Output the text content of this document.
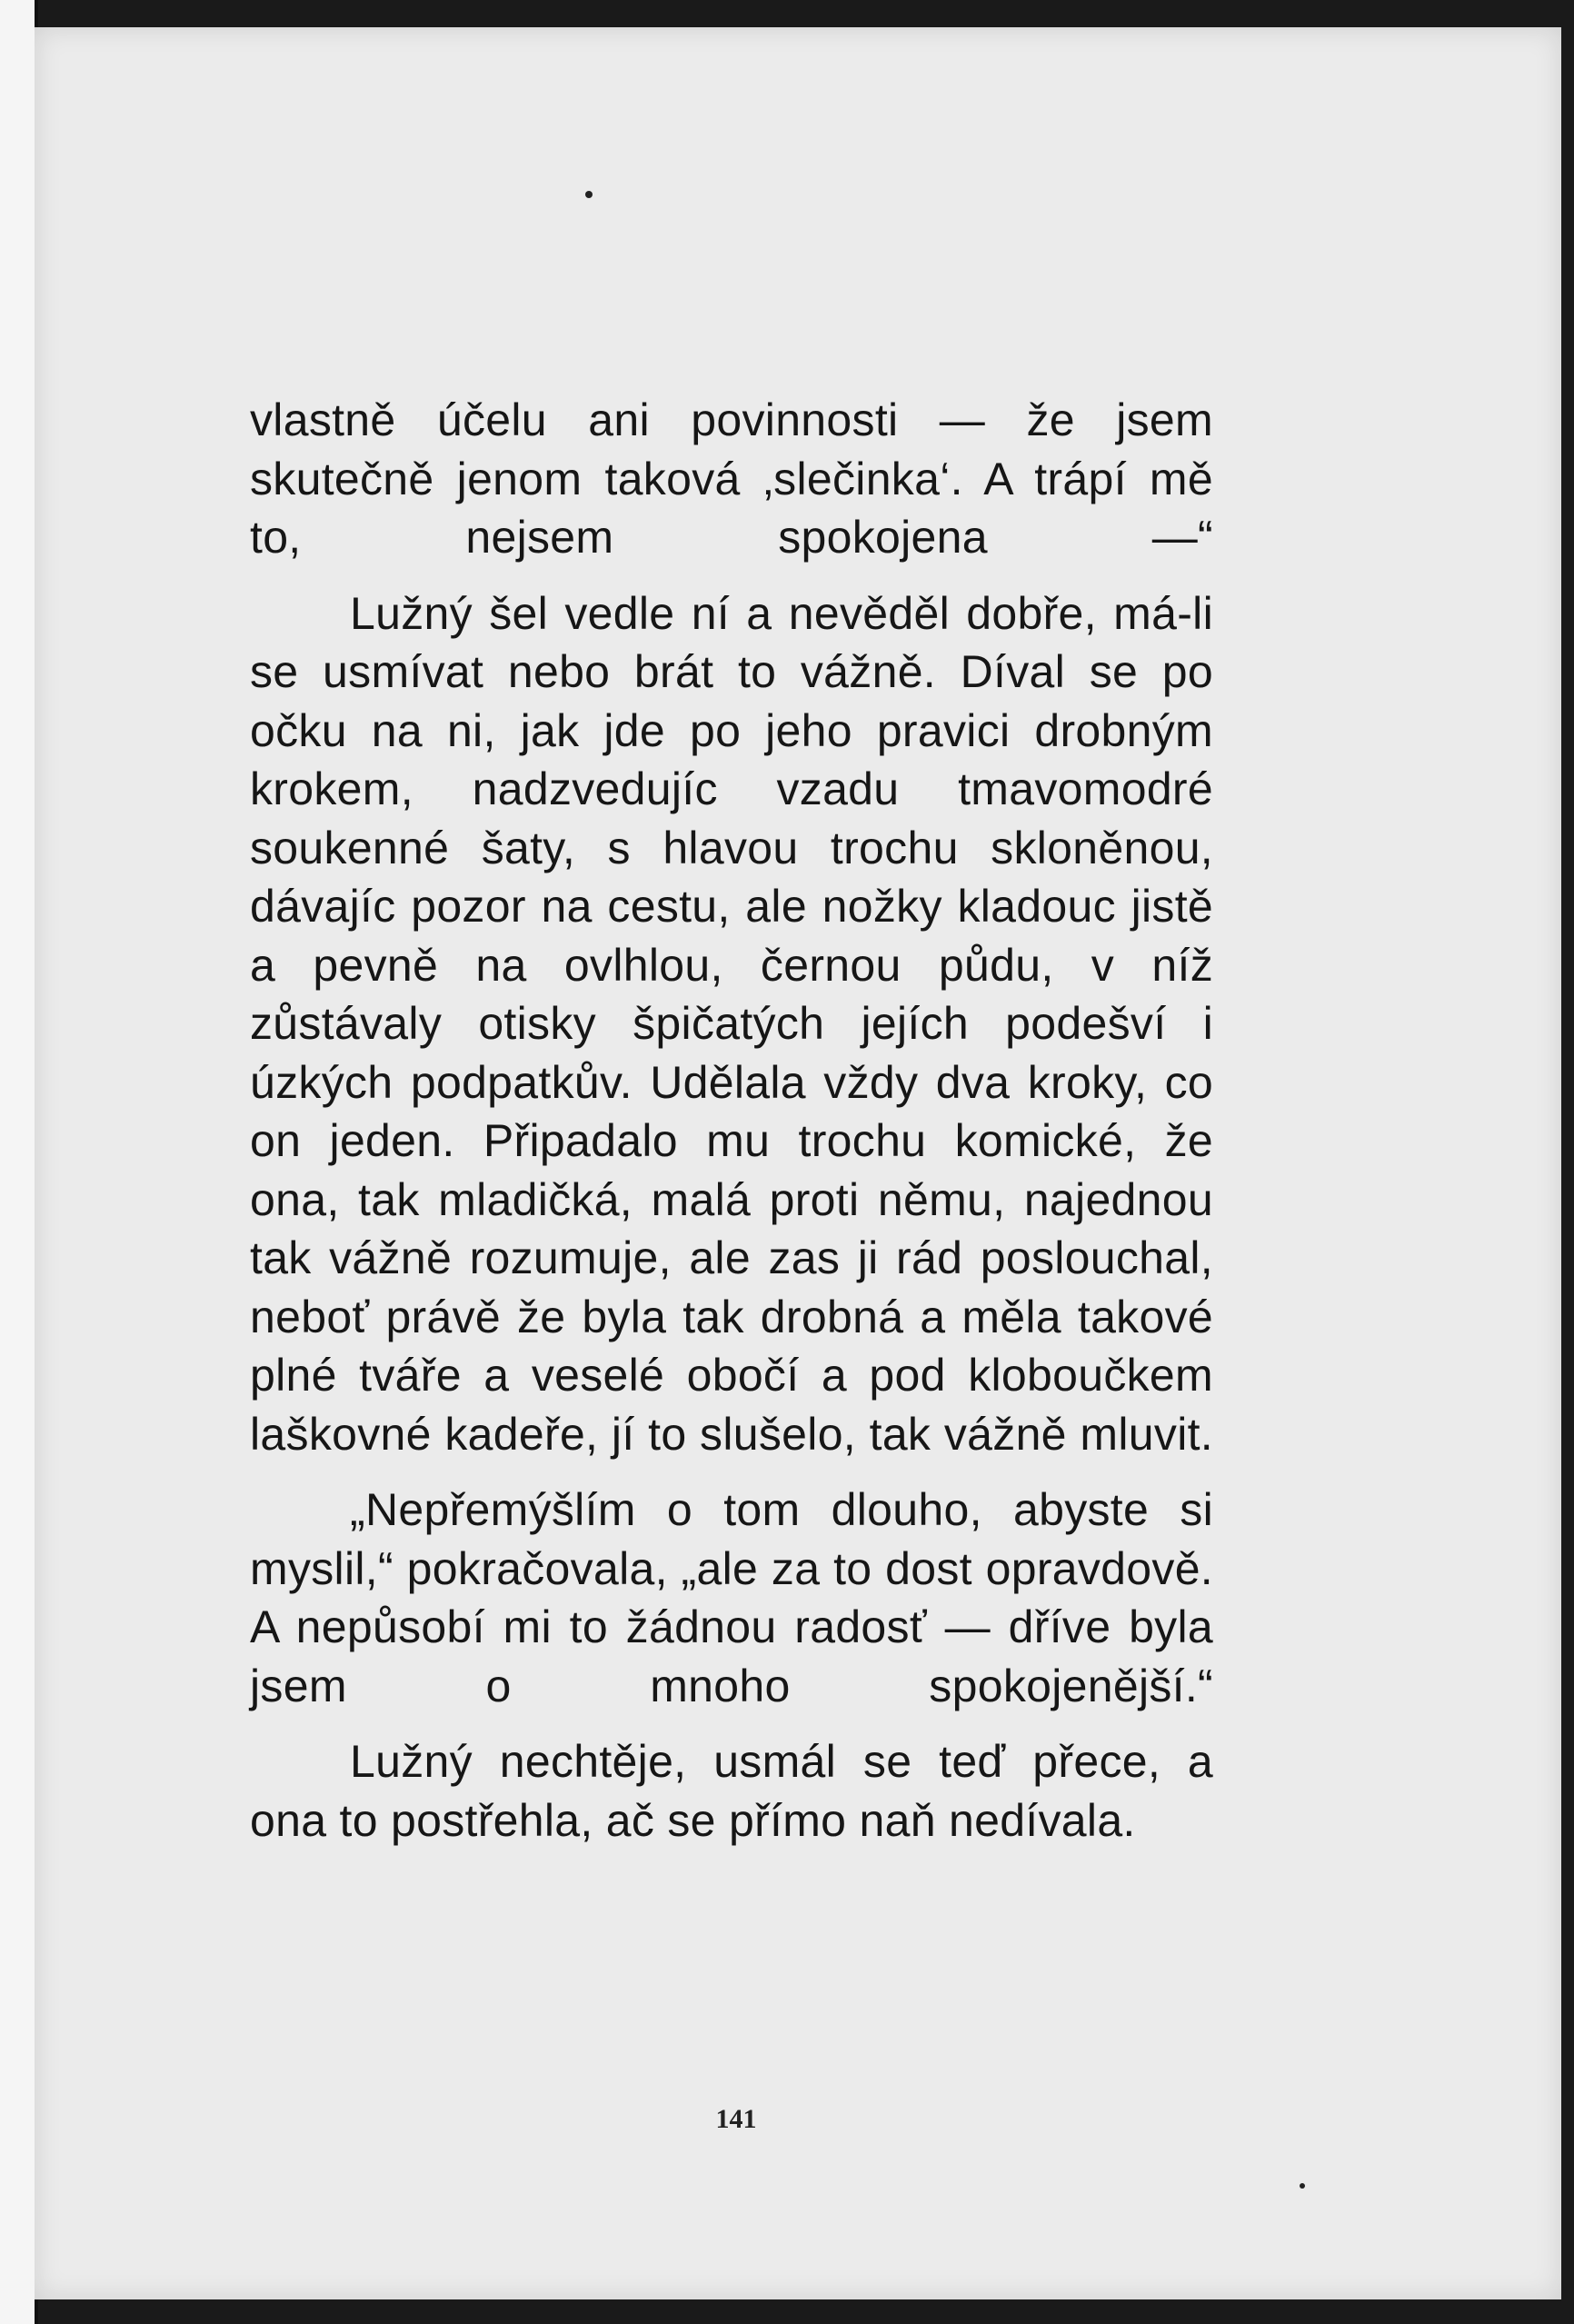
vlastně účelu ani povinnosti — že jsem skutečně jenom taková ‚slečinka‘. A trápí mě to, nejsem spokojena —“

Lužný šel vedle ní a nevěděl dobře, má-li se usmívat nebo brát to vážně. Díval se po očku na ni, jak jde po jeho pravici drobným krokem, nadzvedujíc vzadu tmavomodré soukenné šaty, s hlavou trochu skloněnou, dávajíc pozor na cestu, ale nožky kladouc jistě a pevně na ovlhlou, černou půdu, v níž zůstávaly otisky špičatých jejích podešví i úzkých podpatkův. Udělala vždy dva kroky, co on jeden. Připadalo mu trochu komické, že ona, tak mladičká, malá proti němu, najednou tak vážně rozumuje, ale zas ji rád poslouchal, neboť právě že byla tak drobná a měla takové plné tváře a veselé obočí a pod kloboučkem laškovné kadeře, jí to slušelo, tak vážně mluvit.

„Nepřemýšlím o tom dlouho, abyste si myslil,“ pokračovala, „ale za to dost opravdově. A nepůsobí mi to žádnou radosť — dříve byla jsem o mnoho spokojenější.“

Lužný nechtěje, usmál se teď přece, a ona to postřehla, ač se přímo naň nedívala.

141
